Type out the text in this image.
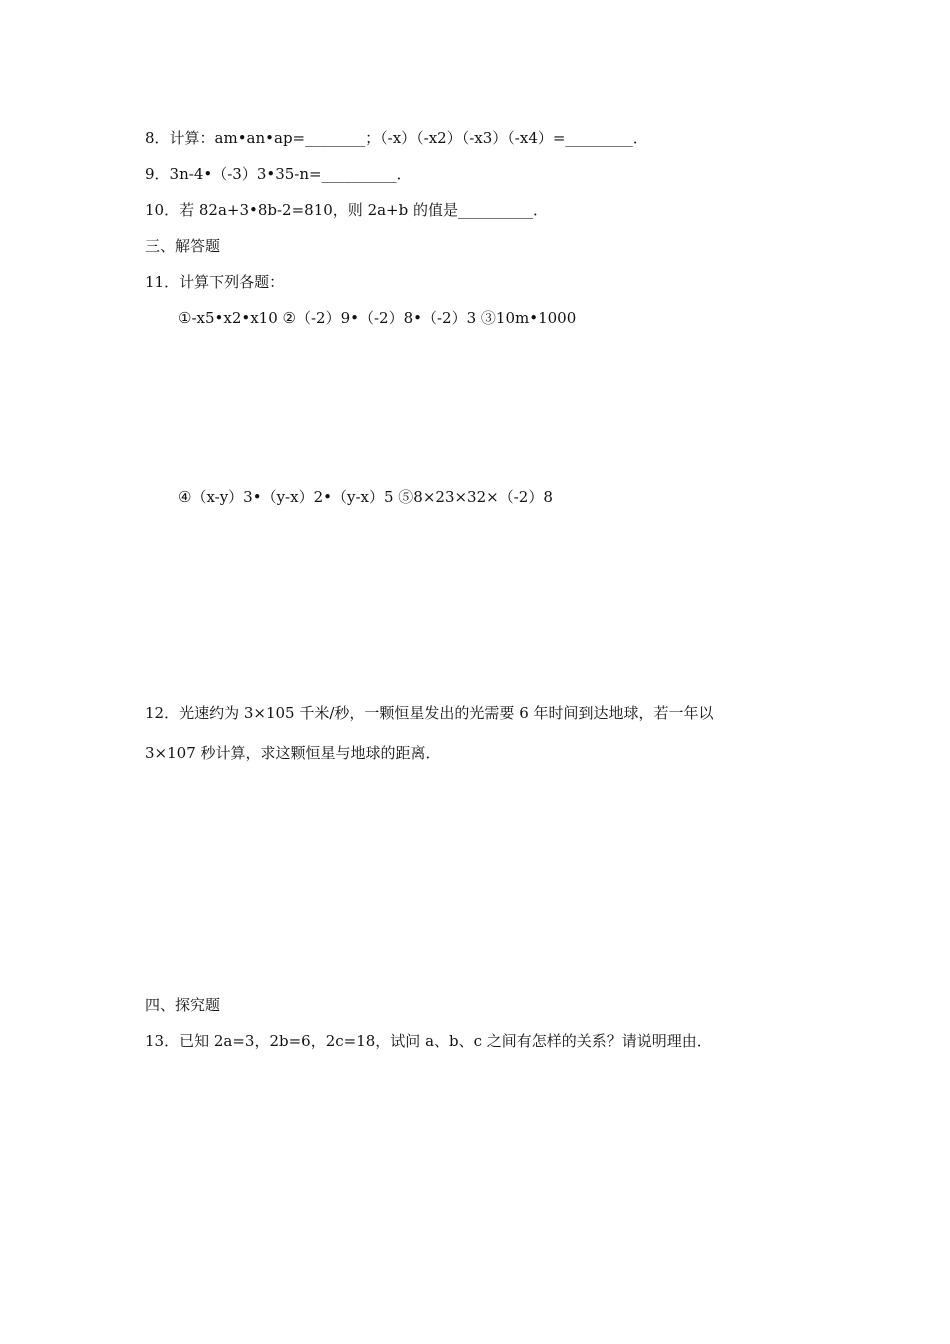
8．计算：am•an•ap=________；（-x）（-x2）（-x3）（-x4）=_________．
9．3n-4•（-3）3•35-n=__________．
10．若 82a+3•8b-2=810，则 2a+b 的值是__________．
三、解答题
11．计算下列各题：
①-x5•x2•x10 ②（-2）9•（-2）8•（-2）3 ③10m•1000
④（x-y）3•（y-x）2•（y-x）5 ⑤8×23×32×（-2）8
12．光速约为 3×105 千米/秒，一颗恒星发出的光需要 6 年时间到达地球，若一年以
3×107 秒计算，求这颗恒星与地球的距离．
四、探究题
13．已知 2a=3，2b=6，2c=18，试问 a、b、c 之间有怎样的关系？请说明理由．
